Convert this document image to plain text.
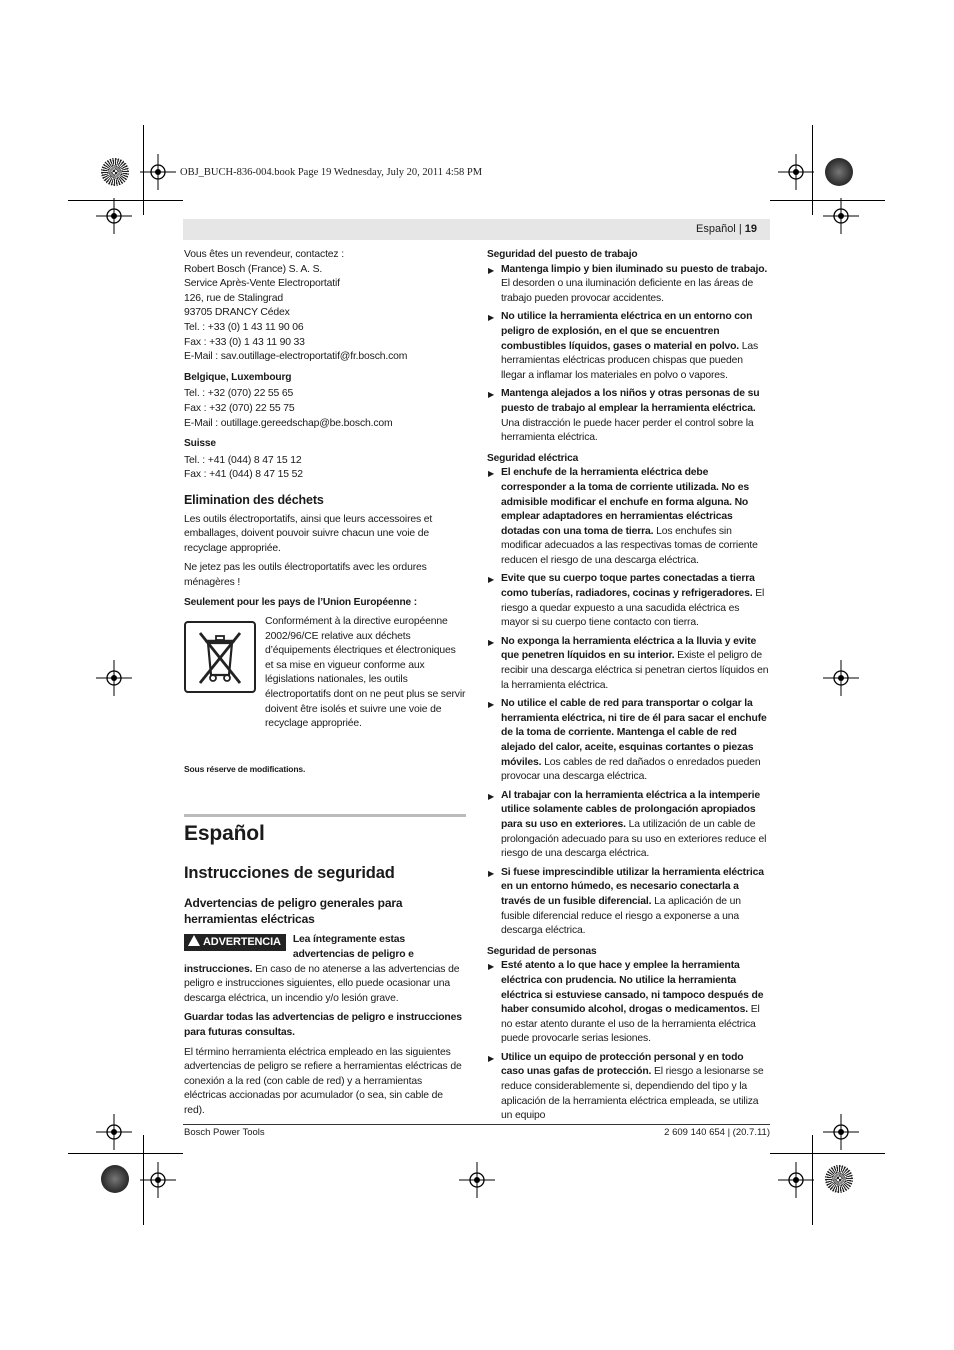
OBJ_BUCH-836-004.book Page 19 Wednesday, July 20, 2011 4:58 PM
Español | 19

Vous êtes un revendeur, contactez :

Robert Bosch (France) S. A. S.

Service Après-Vente Electroportatif

126, rue de Stalingrad

93705 DRANCY Cédex

Tel. : +33 (0) 1 43 11 90 06

Fax : +33 (0) 1 43 11 90 33

E-Mail : sav.outillage-electroportatif@fr.bosch.com

Belgique, Luxembourg

Tel. : +32 (070) 22 55 65

Fax : +32 (070) 22 55 75

E-Mail : outillage.gereedschap@be.bosch.com

Suisse

Tel. : +41 (044) 8 47 15 12

Fax : +41 (044) 8 47 15 52

Elimination des déchets

Les outils électroportatifs, ainsi que leurs accessoires et emballages, doivent pouvoir suivre chacun une voie de recyclage appropriée.

Ne jetez pas les outils électroportatifs avec les ordures ménagères !

Seulement pour les pays de l’Union Européenne :

Conformément à la directive européenne 2002/96/CE relative aux déchets d’équipements électriques et électroniques et sa mise en vigueur conforme aux législations nationales, les outils électroportatifs dont on ne peut plus se servir doivent être isolés et suivre une voie de recyclage appropriée.

Sous réserve de modifications.

Español

Instrucciones de seguridad

Advertencias de peligro generales para herramientas eléctricas

ADVERTENCIA	Lea íntegramente estas advertencias de peligro e instrucciones. En caso de no atenerse a las advertencias de peligro e instrucciones siguientes, ello puede ocasionar una descarga eléctrica, un incendio y/o lesión grave.

Guardar todas las advertencias de peligro e instrucciones para futuras consultas.

El término herramienta eléctrica empleado en las siguientes advertencias de peligro se refiere a herramientas eléctricas de conexión a la red (con cable de red) y a herramientas eléctricas accionadas por acumulador (o sea, sin cable de red).

Seguridad del puesto de trabajo

▶ Mantenga limpio y bien iluminado su puesto de trabajo. El desorden o una iluminación deficiente en las áreas de trabajo pueden provocar accidentes.
▶ No utilice la herramienta eléctrica en un entorno con peligro de explosión, en el que se encuentren combustibles líquidos, gases o material en polvo. Las herramientas eléctricas producen chispas que pueden llegar a inflamar los materiales en polvo o vapores.
▶ Mantenga alejados a los niños y otras personas de su puesto de trabajo al emplear la herramienta eléctrica. Una distracción le puede hacer perder el control sobre la herramienta eléctrica.

Seguridad eléctrica

▶ El enchufe de la herramienta eléctrica debe corresponder a la toma de corriente utilizada. No es admisible modificar el enchufe en forma alguna. No emplear adaptadores en herramientas eléctricas dotadas con una toma de tierra. Los enchufes sin modificar adecuados a las respectivas tomas de corriente reducen el riesgo de una descarga eléctrica.
▶ Evite que su cuerpo toque partes conectadas a tierra como tuberías, radiadores, cocinas y refrigeradores. El riesgo a quedar expuesto a una sacudida eléctrica es mayor si su cuerpo tiene contacto con tierra.
▶ No exponga la herramienta eléctrica a la lluvia y evite que penetren líquidos en su interior. Existe el peligro de recibir una descarga eléctrica si penetran ciertos líquidos en la herramienta eléctrica.
▶ No utilice el cable de red para transportar o colgar la herramienta eléctrica, ni tire de él para sacar el enchufe de la toma de corriente. Mantenga el cable de red alejado del calor, aceite, esquinas cortantes o piezas móviles. Los cables de red dañados o enredados pueden provocar una descarga eléctrica.
▶ Al trabajar con la herramienta eléctrica a la intemperie utilice solamente cables de prolongación apropiados para su uso en exteriores. La utilización de un cable de prolongación adecuado para su uso en exteriores reduce el riesgo de una descarga eléctrica.
▶ Si fuese imprescindible utilizar la herramienta eléctrica en un entorno húmedo, es necesario conectarla a través de un fusible diferencial. La aplicación de un fusible diferencial reduce el riesgo a exponerse a una descarga eléctrica.

Seguridad de personas

▶ Esté atento a lo que hace y emplee la herramienta eléctrica con prudencia. No utilice la herramienta eléctrica si estuviese cansado, ni tampoco después de haber consumido alcohol, drogas o medicamentos. El no estar atento durante el uso de la herramienta eléctrica puede provocarle serias lesiones.
▶ Utilice un equipo de protección personal y en todo caso unas gafas de protección. El riesgo a lesionarse se reduce considerablemente si, dependiendo del tipo y la aplicación de la herramienta eléctrica empleada, se utiliza un equipo
Bosch Power Tools	2 609 140 654 | (20.7.11)
